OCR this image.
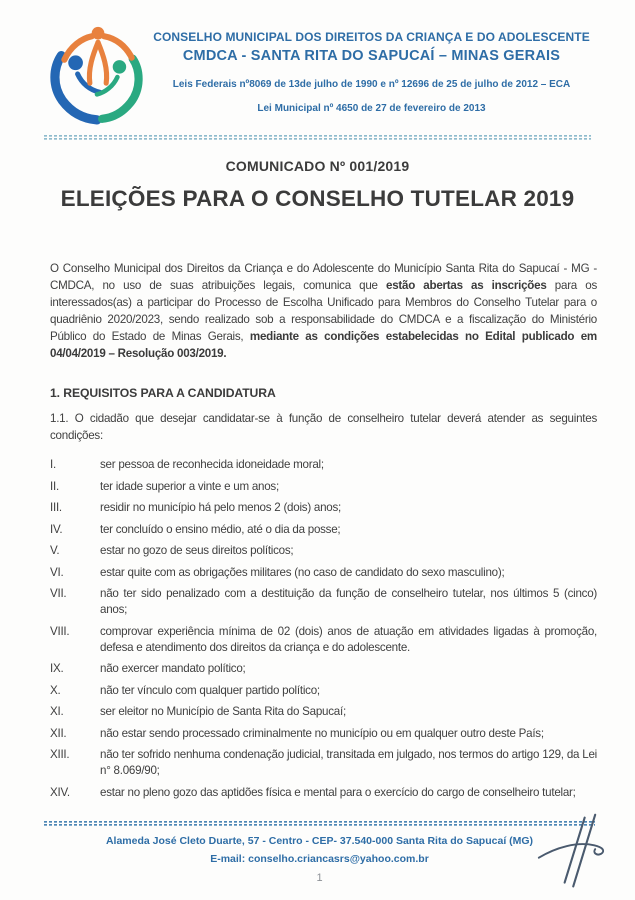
CONSELHO MUNICIPAL DOS DIREITOS DA CRIANÇA E DO ADOLESCENTE
CMDCA - SANTA RITA DO SAPUCAÍ – MINAS GERAIS
Leis Federais nº8069 de 13de julho de 1990 e nº 12696 de 25 de julho de 2012 – ECA
Lei Municipal nº 4650 de 27 de fevereiro de 2013
COMUNICADO Nº 001/2019
ELEIÇÕES PARA O CONSELHO TUTELAR 2019

O Conselho Municipal dos Direitos da Criança e do Adolescente do Município Santa Rita do Sapucaí - MG - CMDCA, no uso de suas atribuições legais, comunica que estão abertas as inscrições para os interessados(as) a participar do Processo de Escolha Unificado para Membros do Conselho Tutelar para o quadriênio 2020/2023, sendo realizado sob a responsabilidade do CMDCA e a fiscalização do Ministério Público do Estado de Minas Gerais, mediante as condições estabelecidas no Edital publicado em 04/04/2019 – Resolução 003/2019.

1. REQUISITOS PARA A CANDIDATURA

1.1. O cidadão que desejar candidatar-se à função de conselheiro tutelar deverá atender as seguintes condições:

I.	ser pessoa de reconhecida idoneidade moral;
II.	ter idade superior a vinte e um anos;
III.	residir no município há pelo menos 2 (dois) anos;
IV.	ter concluído o ensino médio, até o dia da posse;
V.	estar no gozo de seus direitos políticos;
VI.	estar quite com as obrigações militares (no caso de candidato do sexo masculino);
VII.	não ter sido penalizado com a destituição da função de conselheiro tutelar, nos últimos 5 (cinco) anos;
VIII.	comprovar experiência mínima de 02 (dois) anos de atuação em atividades ligadas à promoção, defesa e atendimento dos direitos da criança e do adolescente.
IX.	não exercer mandato político;
X.	não ter vínculo com qualquer partido político;
XI.	ser eleitor no Município de Santa Rita do Sapucaí;
XII.	não estar sendo processado criminalmente no município ou em qualquer outro deste País;
XIII.	não ter sofrido nenhuma condenação judicial, transitada em julgado, nos termos do artigo 129, da Lei n° 8.069/90;
XIV.	estar no pleno gozo das aptidões física e mental para o exercício do cargo de conselheiro tutelar;
Alameda José Cleto Duarte, 57 - Centro - CEP- 37.540-000 Santa Rita do Sapucaí (MG)
E-mail: conselho.criancasrs@yahoo.com.br
1
